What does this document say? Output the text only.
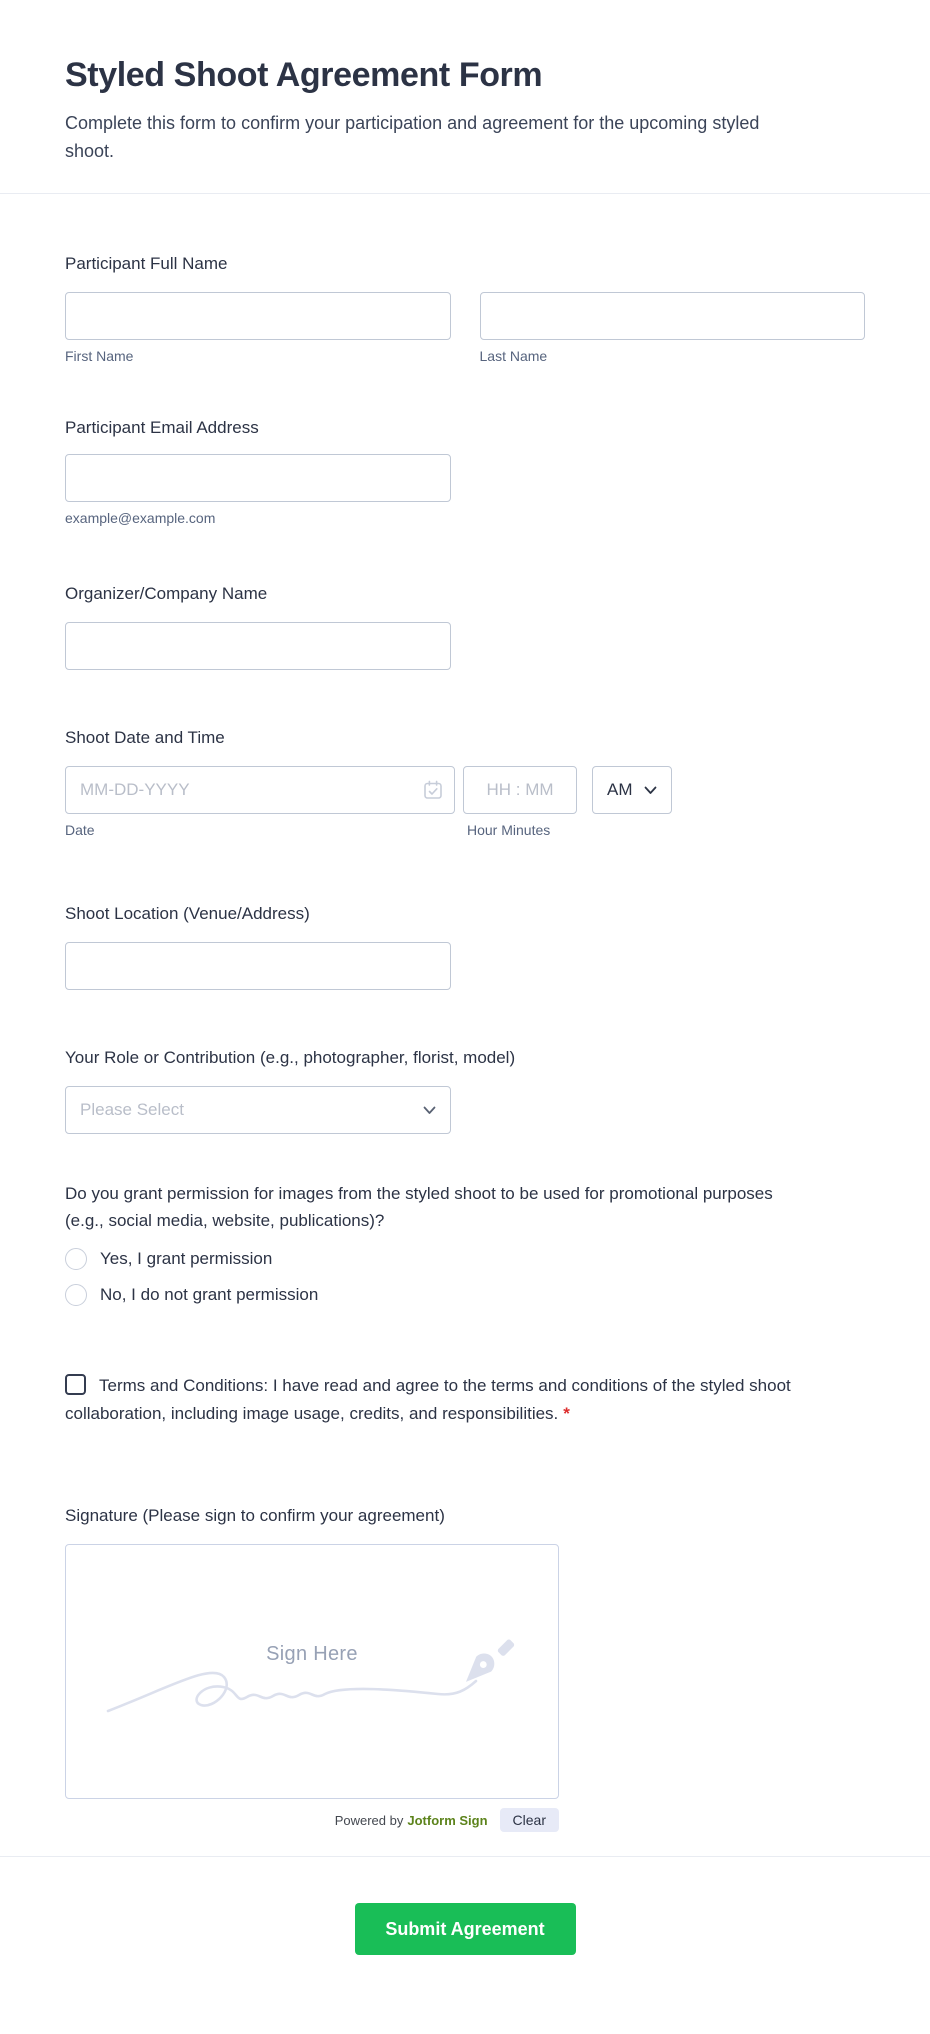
Styled Shoot Agreement Form
Complete this form to confirm your participation and agreement for the upcoming styled shoot.
Participant Full Name
First Name	Last Name
Participant Email Address
example@example.com
Organizer/Company Name
Shoot Date and Time
MM-DD-YYYY
HH : MM
AM
Date	Hour Minutes
Shoot Location (Venue/Address)
Your Role or Contribution (e.g., photographer, florist, model)
Please Select
Do you grant permission for images from the styled shoot to be used for promotional purposes (e.g., social media, website, publications)?
Yes, I grant permission
No, I do not grant permission
Terms and Conditions: I have read and agree to the terms and conditions of the styled shoot collaboration, including image usage, credits, and responsibilities. *
Signature (Please sign to confirm your agreement)
Sign Here
Powered by Jotform Sign	Clear
Submit Agreement
